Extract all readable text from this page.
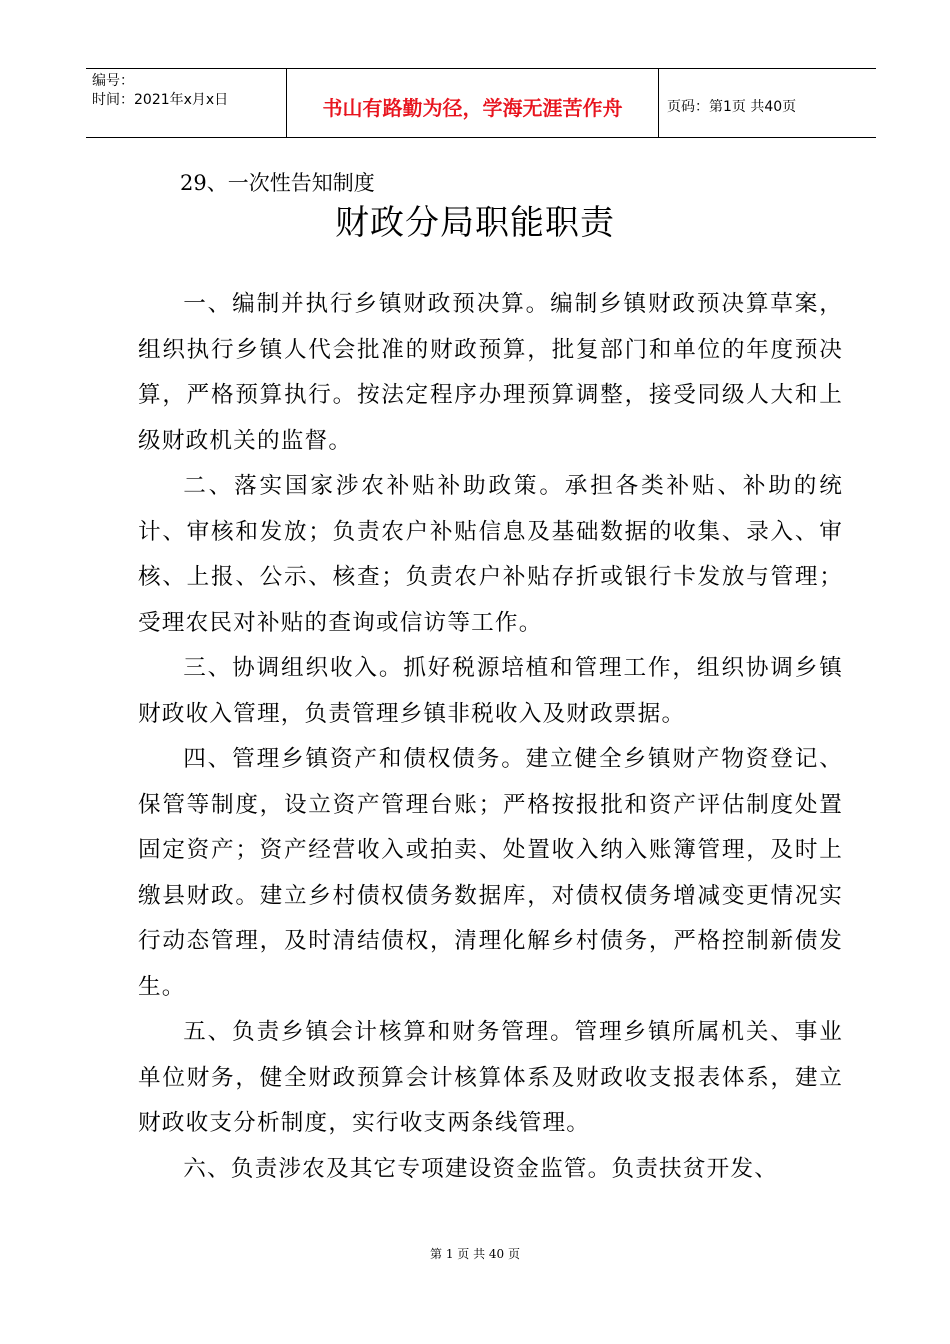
编号：
时间：2021年x月x日	书山有路勤为径，学海无涯苦作舟	页码：第1页 共40页
29、一次性告知制度
财政分局职能职责

一、编制并执行乡镇财政预决算。编制乡镇财政预决算草案，组织执行乡镇人代会批准的财政预算，批复部门和单位的年度预决算，严格预算执行。按法定程序办理预算调整，接受同级人大和上级财政机关的监督。

二、落实国家涉农补贴补助政策。承担各类补贴、补助的统计、审核和发放；负责农户补贴信息及基础数据的收集、录入、审核、上报、公示、核查；负责农户补贴存折或银行卡发放与管理；受理农民对补贴的查询或信访等工作。

三、协调组织收入。抓好税源培植和管理工作，组织协调乡镇财政收入管理，负责管理乡镇非税收入及财政票据。

四、管理乡镇资产和债权债务。建立健全乡镇财产物资登记、保管等制度，设立资产管理台账；严格按报批和资产评估制度处置固定资产；资产经营收入或拍卖、处置收入纳入账簿管理，及时上缴县财政。建立乡村债权债务数据库，对债权债务增减变更情况实行动态管理，及时清结债权，清理化解乡村债务，严格控制新债发生。

五、负责乡镇会计核算和财务管理。管理乡镇所属机关、事业单位财务，健全财政预算会计核算体系及财政收支报表体系，建立财政收支分析制度，实行收支两条线管理。

六、负责涉农及其它专项建设资金监管。负责扶贫开发、

第 1 页 共 40 页
